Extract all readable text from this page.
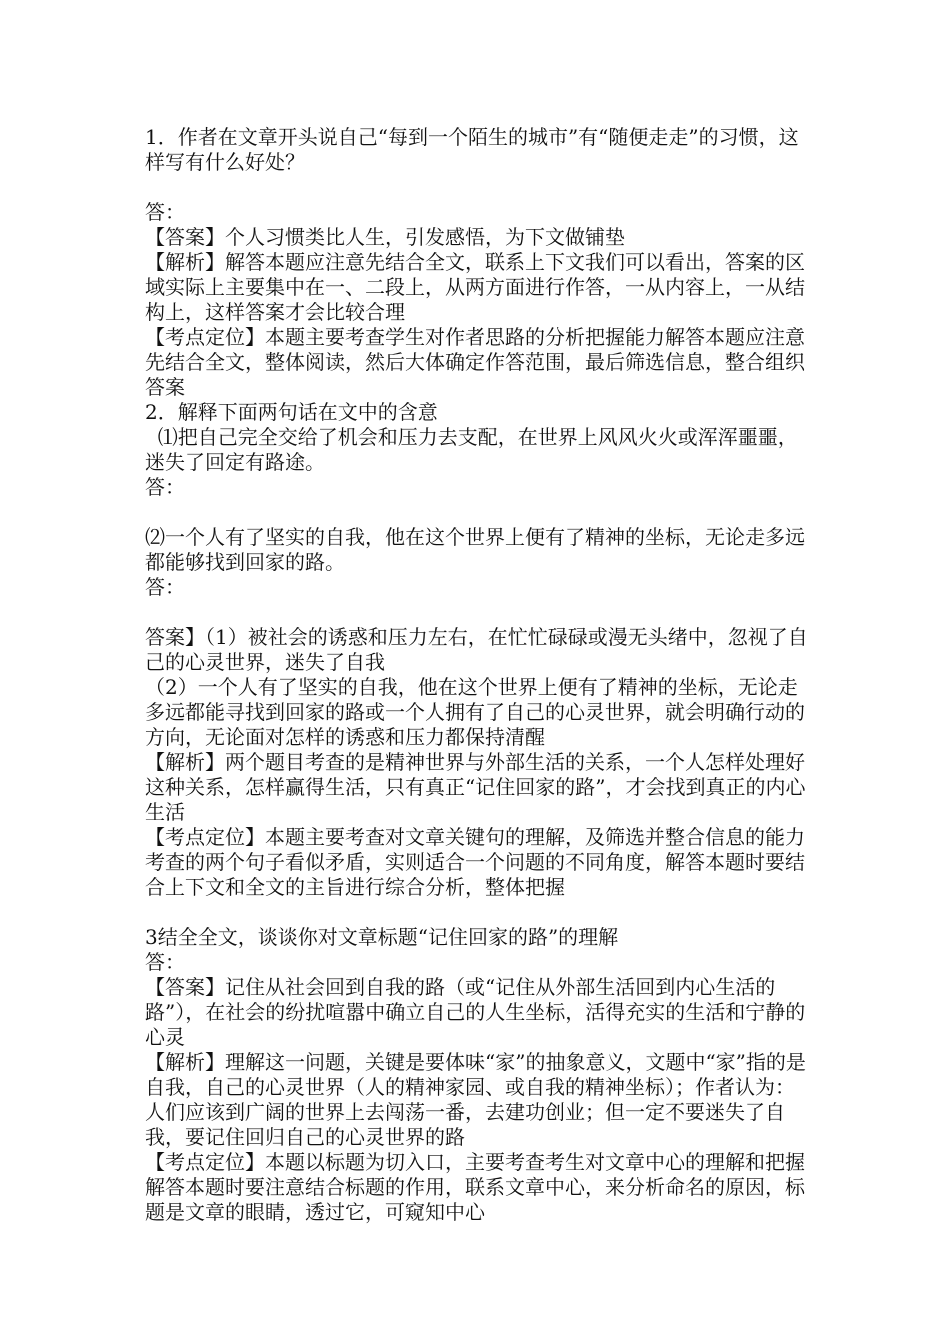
1．作者在文章开头说自己“每到一个陌生的城市”有“随便走走”的习惯，这样写有什么好处？
答：
【答案】个人习惯类比人生，引发感悟，为下文做铺垫
【解析】解答本题应注意先结合全文，联系上下文我们可以看出，答案的区域实际上主要集中在一、二段上，从两方面进行作答，一从内容上，一从结构上，这样答案才会比较合理
【考点定位】本题主要考查学生对作者思路的分析把握能力解答本题应注意先结合全文，整体阅读，然后大体确定作答范围，最后筛选信息，整合组织答案
2．解释下面两句话在文中的含意
⑴把自己完全交给了机会和压力去支配，在世界上风风火火或浑浑噩噩，迷失了回定有路途。
答：
⑵一个人有了坚实的自我，他在这个世界上便有了精神的坐标，无论走多远都能够找到回家的路。
答：
答案】（1）被社会的诱惑和压力左右，在忙忙碌碌或漫无头绪中，忽视了自己的心灵世界，迷失了自我
（2）一个人有了坚实的自我，他在这个世界上便有了精神的坐标，无论走多远都能寻找到回家的路或一个人拥有了自己的心灵世界，就会明确行动的方向，无论面对怎样的诱惑和压力都保持清醒
【解析】两个题目考查的是精神世界与外部生活的关系，一个人怎样处理好这种关系，怎样赢得生活，只有真正“记住回家的路”，才会找到真正的内心生活
【考点定位】本题主要考查对文章关键句的理解，及筛选并整合信息的能力考查的两个句子看似矛盾，实则适合一个问题的不同角度，解答本题时要结合上下文和全文的主旨进行综合分析，整体把握
3结全全文，谈谈你对文章标题“记住回家的路”的理解
答：
【答案】记住从社会回到自我的路（或“记住从外部生活回到内心生活的路”），在社会的纷扰喧嚣中确立自己的人生坐标，活得充实的生活和宁静的心灵
【解析】理解这一问题，关键是要体味“家”的抽象意义，文题中“家”指的是自我，自己的心灵世界（人的精神家园、或自我的精神坐标）；作者认为：人们应该到广阔的世界上去闯荡一番，去建功创业；但一定不要迷失了自我，要记住回归自己的心灵世界的路
【考点定位】本题以标题为切入口，主要考查考生对文章中心的理解和把握解答本题时要注意结合标题的作用，联系文章中心，来分析命名的原因，标题是文章的眼睛，透过它，可窥知中心
